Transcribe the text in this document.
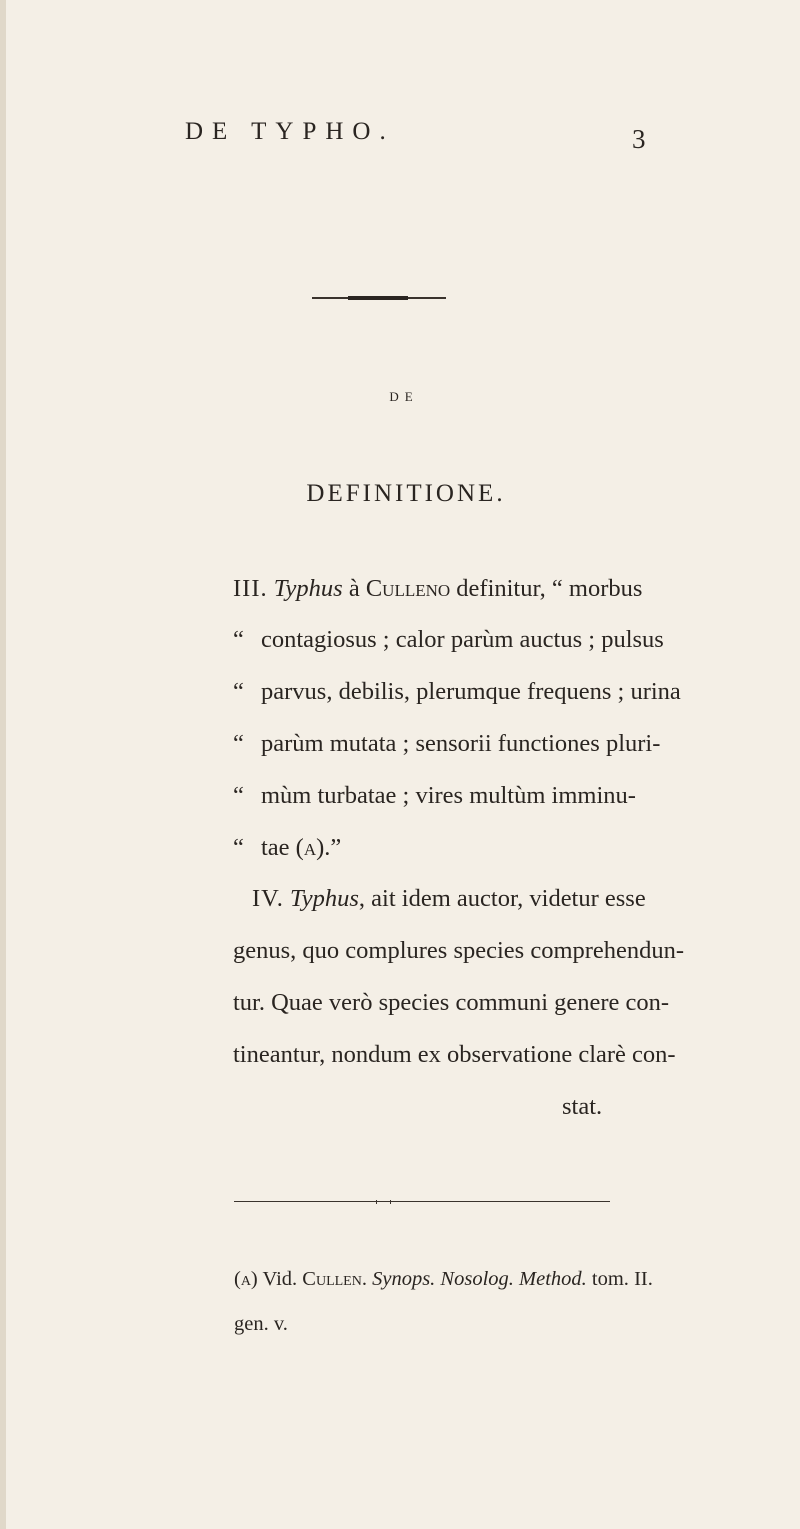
DE TYPHO.	3
DE
DEFINITIONE.
III. Typhus à Culleno definitur, “ morbus
“ contagiosus ; calor parùm auctus ; pulsus
“ parvus, debilis, plerumque frequens ; urina
“ parùm mutata ; sensorii functiones pluri-
“ mùm turbatae ; vires multùm imminu-
“ tae (a).”
IV. Typhus, ait idem auctor, videtur esse
genus, quo complures species comprehendun-
tur. Quae verò species communi genere con-
tineantur, nondum ex observatione clarè con-
stat.
(a) Vid. Cullen. Synops. Nosolog. Method. tom. II.
gen. v.
